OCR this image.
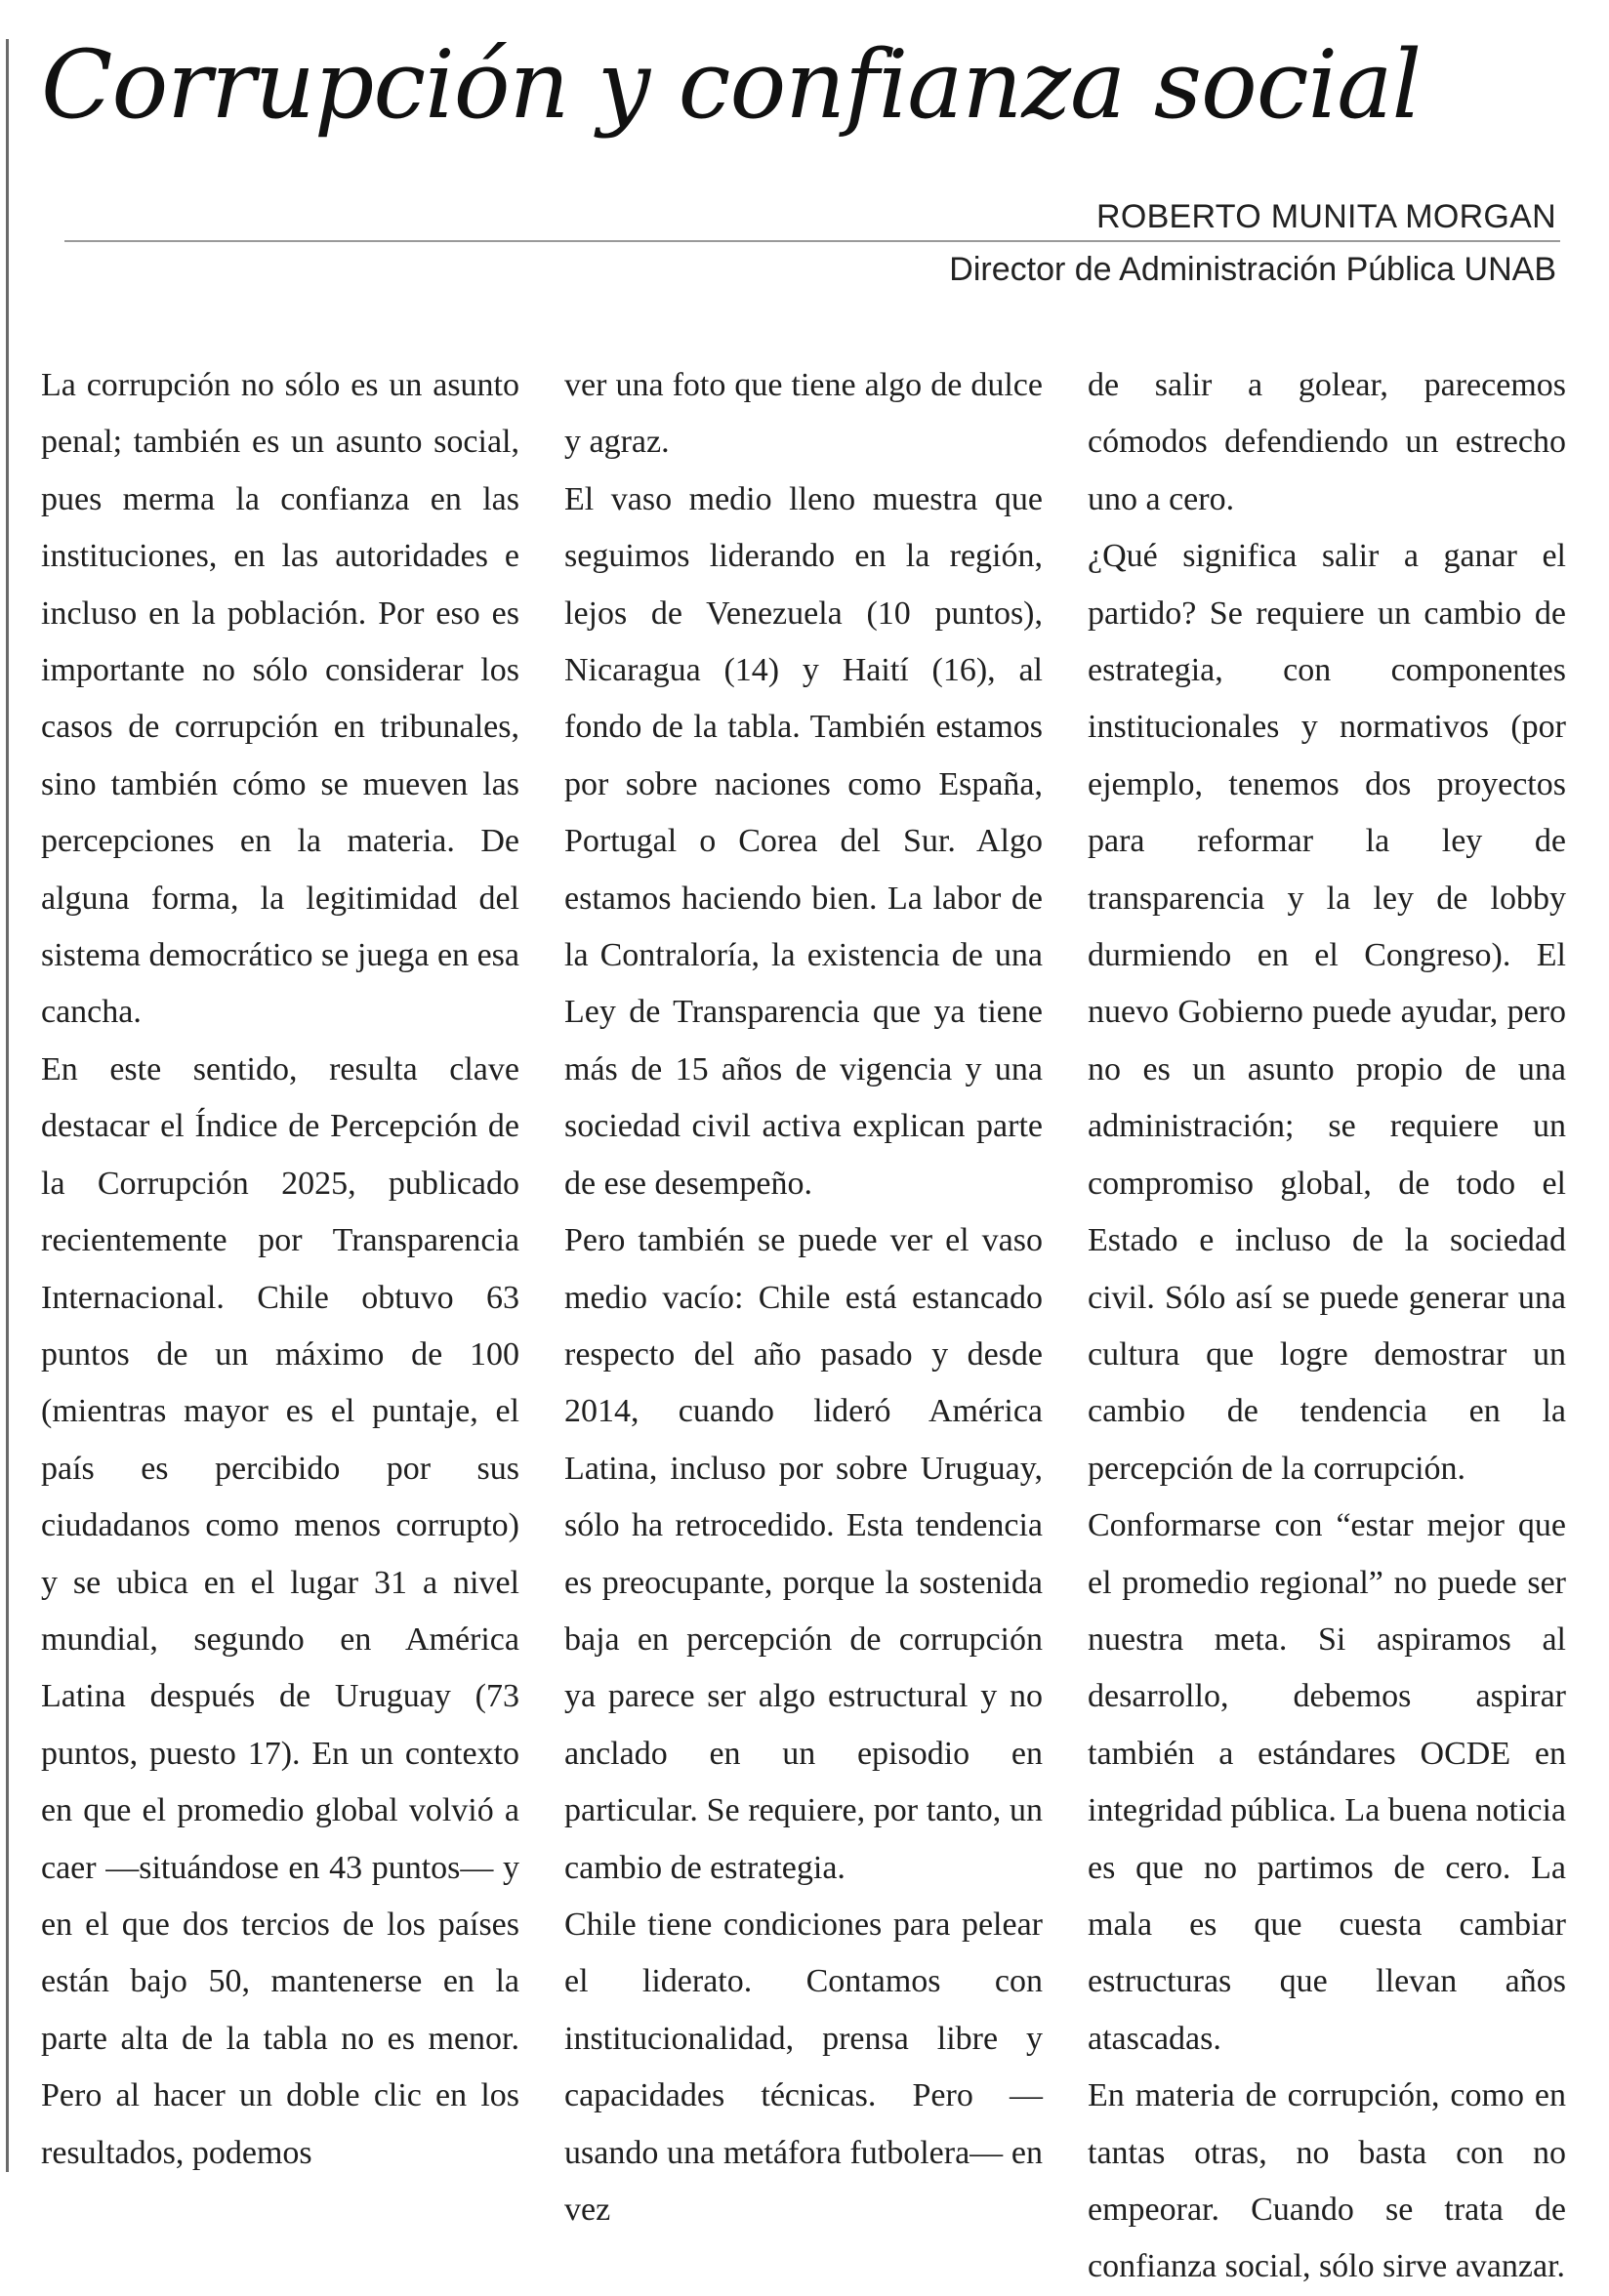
Corrupción y confianza social

ROBERTO MUNITA MORGAN

Director de Administración Pública UNAB

La corrupción no sólo es un asunto penal; también es un asunto social, pues merma la confianza en las instituciones, en las autoridades e incluso en la población. Por eso es importante no sólo considerar los casos de corrupción en tribunales, sino también cómo se mueven las percepciones en la materia. De alguna forma, la legitimidad del sistema democrático se juega en esa cancha.

En este sentido, resulta clave destacar el Índice de Percepción de la Corrupción 2025, publicado recientemente por Transparencia Internacional. Chile obtuvo 63 puntos de un máximo de 100 (mientras mayor es el puntaje, el país es percibido por sus ciudadanos como menos corrupto) y se ubica en el lugar 31 a nivel mundial, segundo en América Latina después de Uruguay (73 puntos, puesto 17). En un contexto en que el promedio global volvió a caer —situándose en 43 puntos— y en el que dos tercios de los países están bajo 50, mantenerse en la parte alta de la tabla no es menor. Pero al hacer un doble clic en los resultados, podemos

ver una foto que tiene algo de dulce y agraz.

El vaso medio lleno muestra que seguimos liderando en la región, lejos de Venezuela (10 puntos), Nicaragua (14) y Haití (16), al fondo de la tabla. También estamos por sobre naciones como España, Portugal o Corea del Sur. Algo estamos haciendo bien. La labor de la Contraloría, la existencia de una Ley de Transparencia que ya tiene más de 15 años de vigencia y una sociedad civil activa explican parte de ese desempeño.

Pero también se puede ver el vaso medio vacío: Chile está estancado respecto del año pasado y desde 2014, cuando lideró América Latina, incluso por sobre Uruguay, sólo ha retrocedido. Esta tendencia es preocupante, porque la sostenida baja en percepción de corrupción ya parece ser algo estructural y no anclado en un episodio en particular. Se requiere, por tanto, un cambio de estrategia.

Chile tiene condiciones para pelear el liderato. Contamos con institucionalidad, prensa libre y capacidades técnicas. Pero —usando una metáfora futbolera— en vez

de salir a golear, parecemos cómodos defendiendo un estrecho uno a cero.

¿Qué significa salir a ganar el partido? Se requiere un cambio de estrategia, con componentes institucionales y normativos (por ejemplo, tenemos dos proyectos para reformar la ley de transparencia y la ley de lobby durmiendo en el Congreso). El nuevo Gobierno puede ayudar, pero no es un asunto propio de una administración; se requiere un compromiso global, de todo el Estado e incluso de la sociedad civil. Sólo así se puede generar una cultura que logre demostrar un cambio de tendencia en la percepción de la corrupción.

Conformarse con “estar mejor que el promedio regional” no puede ser nuestra meta. Si aspiramos al desarrollo, debemos aspirar también a estándares OCDE en integridad pública. La buena noticia es que no partimos de cero. La mala es que cuesta cambiar estructuras que llevan años atascadas.

En materia de corrupción, como en tantas otras, no basta con no empeorar. Cuando se trata de confianza social, sólo sirve avanzar.
